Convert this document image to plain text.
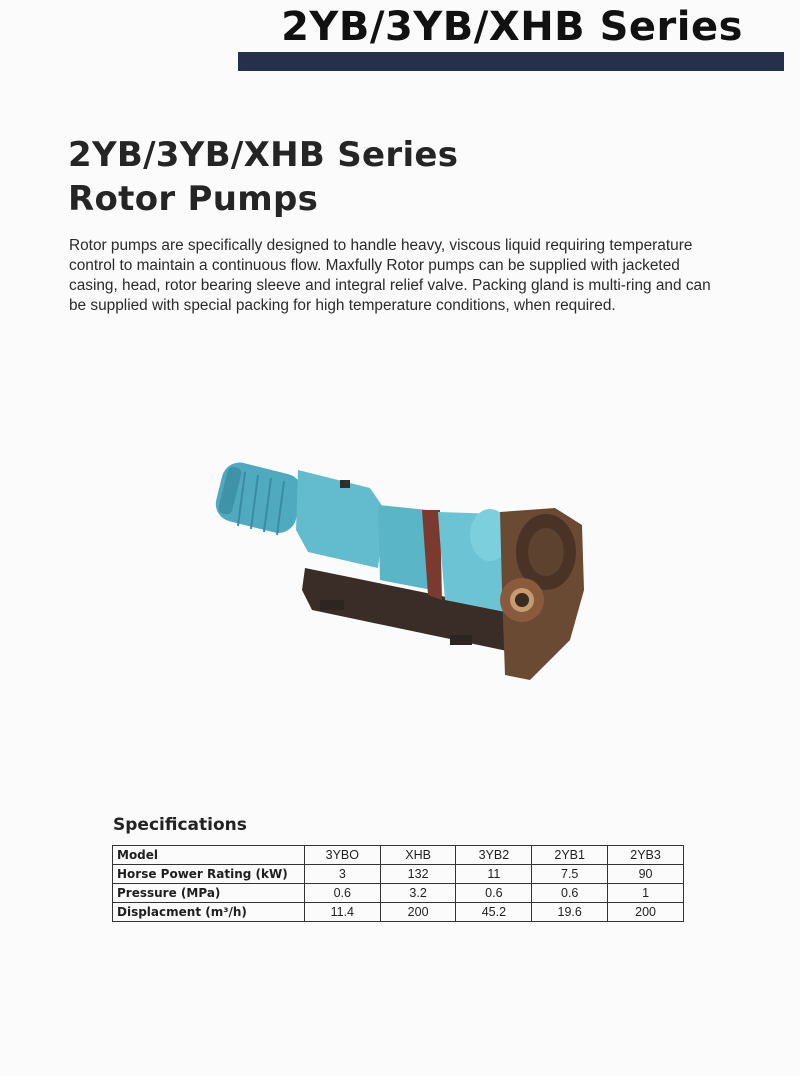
2YB/3YB/XHB Series
2YB/3YB/XHB Series
Rotor Pumps

Rotor pumps are specifically designed to handle heavy, viscous liquid requiring temperature control to maintain a continuous flow. Maxfully Rotor pumps can be supplied with jacketed casing, head, rotor bearing sleeve and integral relief valve. Packing gland is multi-ring and can be supplied with special packing for high temperature conditions, when required.

Specifications
Model	3YBO	XHB	3YB2	2YB1	2YB3
Horse Power Rating (kW)	3	132	11	7.5	90
Pressure (MPa)	0.6	3.2	0.6	0.6	1
Displacment (m³/h)	11.4	200	45.2	19.6	200
